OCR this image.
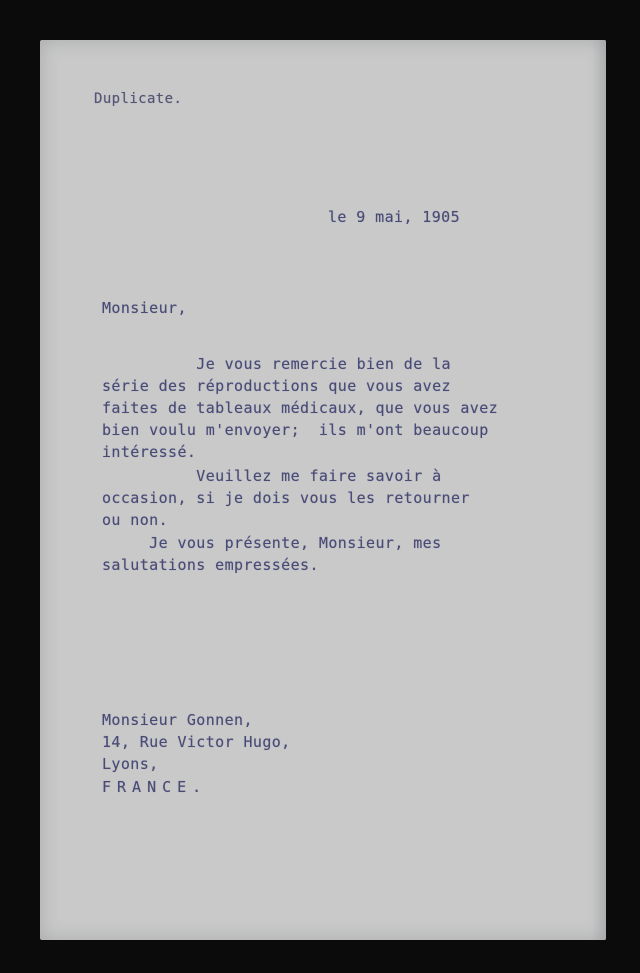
Duplicate.

le 9 mai, 1905

Monsieur,

Je vous remercie bien de la

série des réproductions que vous avez

faites de tableaux médicaux, que vous avez

bien voulu m'envoyer;  ils m'ont beaucoup

intéressé.

Veuillez me faire savoir à

occasion, si je dois vous les retourner

ou non.

Je vous présente, Monsieur, mes

salutations empressées.

Monsieur Gonnen,

14, Rue Victor Hugo,

Lyons,

FRANCE.
